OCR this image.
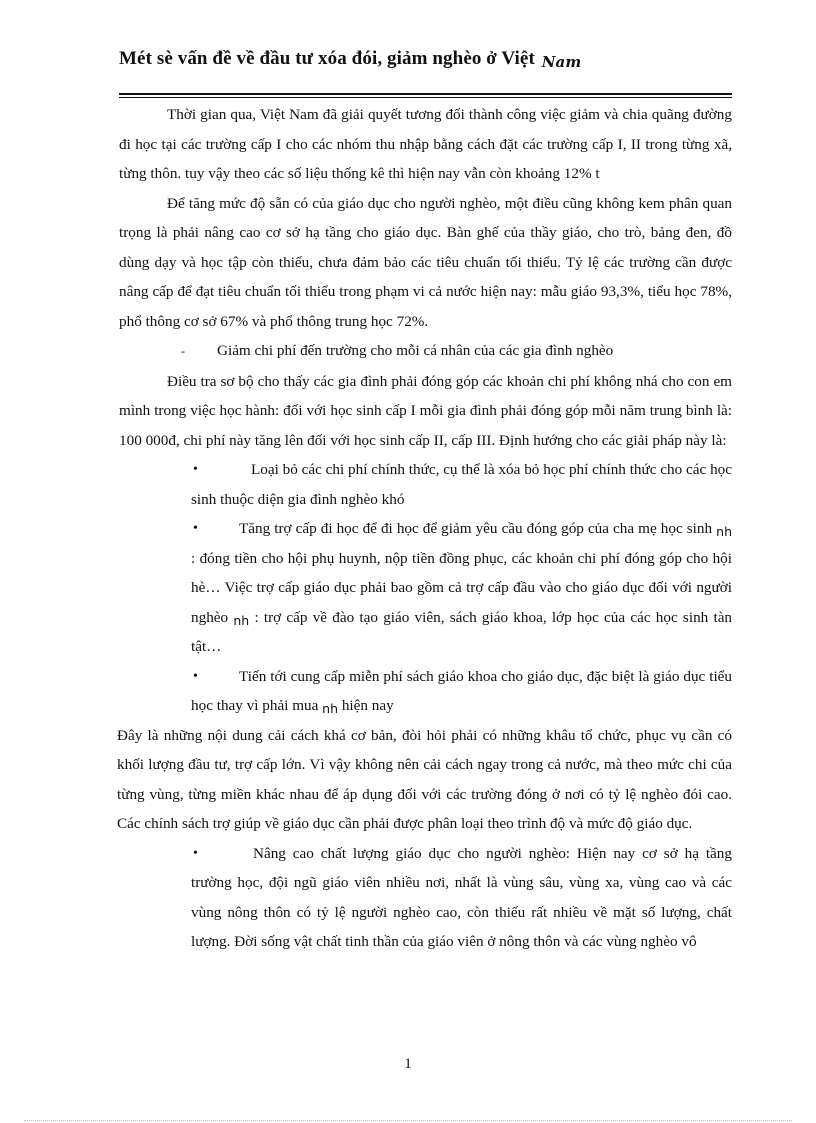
Mét sè vấn đề về đầu tư xóa đói, giảm nghèo ở Việt Nam

Thời gian qua, Việt Nam đã giải quyết tương đối thành công việc giảm và chia quãng đường đi học tại các trường cấp I cho các nhóm thu nhập bằng cách đặt các trường cấp I, II trong từng xã, từng thôn. tuy vậy theo các số liệu thống kê thì hiện nay vẫn còn khoảng 12% t

Để tăng mức độ sẵn có của giáo dục cho người nghèo, một điều cũng không kem phân quan trọng là phải nâng cao cơ sở hạ tầng cho giáo dục. Bàn ghế của thầy giáo, cho trò, bảng đen, đồ dùng dạy và học tập còn thiếu, chưa đảm bảo các tiêu chuẩn tối thiểu. Tỷ lệ các trường cần được nâng cấp để đạt tiêu chuẩn tối thiểu trong phạm vi cả nước hiện nay: mẫu giáo 93,3%, tiểu học 78%, phổ thông cơ sở 67% và phổ thông trung học 72%.

-	Giảm chi phí đến trường cho mỗi cá nhân của các gia đình nghèo

Điều tra sơ bộ cho thấy các gia đình phải đóng góp các khoản chi phí không nhá cho con em mình trong việc học hành: đối với học sinh cấp I mỗi gia đình phải đóng góp mỗi năm trung bình là: 100 000đ, chi phí này tăng lên đối với học sinh cấp II, cấp III. Định hướng cho các giải pháp này là:

•	Loại bỏ các chi phí chính thức, cụ thể là xóa bỏ học phí chính thức cho các học sinh thuộc diện gia đình nghèo khó

•	Tăng trợ cấp đi học để đi học để giảm yêu cầu đóng góp của cha mẹ học sinh nh : đóng tiền cho hội phụ huynh, nộp tiền đồng phục, các khoản chi phí đóng góp cho hội hè… Việc trợ cấp giáo dục phải bao gồm cả trợ cấp đầu vào cho giáo dục đối với người nghèo nh : trợ cấp về đào tạo giáo viên, sách giáo khoa, lớp học của các học sinh tàn tật…

•	Tiến tới cung cấp miễn phí sách giáo khoa cho giáo dục, đặc biệt là giáo dục tiểu học thay vì phải mua nh hiện nay

Đây là những nội dung cải cách khá cơ bản, đòi hỏi phải có những khâu tổ chức, phục vụ cần có khối lượng đầu tư, trợ cấp lớn. Vì vậy không nên cải cách ngay trong cả nước, mà theo mức chi của từng vùng, từng miền khác nhau để áp dụng đối với các trường đóng ở nơi có tỷ lệ nghèo đói cao. Các chính sách trợ giúp về giáo dục cần phải được phân loại theo trình độ và mức độ giáo dục.

•	Nâng cao chất lượng giáo dục cho người nghèo: Hiện nay cơ sở hạ tầng trường học, đội ngũ giáo viên nhiều nơi, nhất là vùng sâu, vùng xa, vùng cao và các vùng nông thôn có tỷ lệ người nghèo cao, còn thiếu rất nhiều về mặt số lượng, chất lượng. Đời sống vật chất tinh thần của giáo viên ở nông thôn và các vùng nghèo vô

1
